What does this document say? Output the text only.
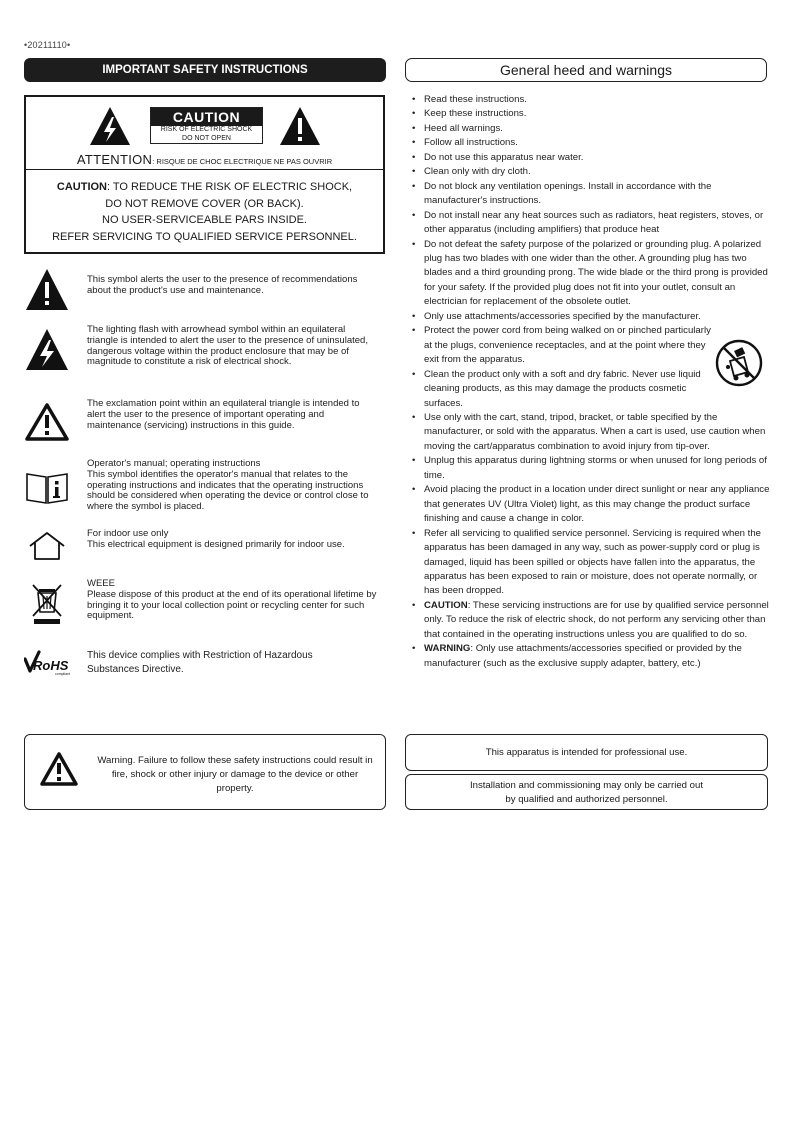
•20211110•
IMPORTANT SAFETY INSTRUCTIONS	General heed and warnings
CAUTION
RISK OF ELECTRIC SHOCK
DO NOT OPEN
ATTENTION: RISQUE DE CHOC ELECTRIQUE NE PAS OUVRIR
CAUTION: TO REDUCE THE RISK OF ELECTRIC SHOCK,
DO NOT REMOVE COVER (OR BACK).
NO USER-SERVICEABLE PARS INSIDE.
REFER SERVICING TO QUALIFIED SERVICE PERSONNEL.
This symbol alerts the user to the presence of recommendations about the product's use and maintenance.
The lighting flash with arrowhead symbol within an equilateral triangle is intended to alert the user to the presence of uninsulated, dangerous voltage within the product enclosure that may be of magnitude to constitute a risk of electrical shock.
The exclamation point within an equilateral triangle is intended to alert the user to the presence of important operating and maintenance (servicing) instructions in this guide.
Operator's manual; operating instructions
This symbol identifies the operator's manual that relates to the operating instructions and indicates that the operating instructions should be considered when operating the device or control close to where the symbol is placed.
For indoor use only
This electrical equipment is designed primarily for indoor use.
WEEE
Please dispose of this product at the end of its operational lifetime by bringing it to your local collection point or recycling center for such equipment.
RoHS
compliant
This device complies with Restriction of Hazardous Substances Directive.
• Read these instructions.
• Keep these instructions.
• Heed all warnings.
• Follow all instructions.
• Do not use this apparatus near water.
• Clean only with dry cloth.
• Do not block any ventilation openings. Install in accordance with the manufacturer's instructions.
• Do not install near any heat sources such as radiators, heat registers, stoves, or other apparatus (including amplifiers) that produce heat
• Do not defeat the safety purpose of the polarized or grounding plug. A polarized plug has two blades with one wider than the other. A grounding plug has two blades and a third grounding prong. The wide blade or the third prong is provided for your safety. If the provided plug does not fit into your outlet, consult an electrician for replacement of the obsolete outlet.
• Only use attachments/accessories specified by the manufacturer.
• Protect the power cord from being walked on or pinched particularly at the plugs, convenience receptacles, and at the point where they exit from the apparatus.
• Clean the product only with a soft and dry fabric. Never use liquid cleaning products, as this may damage the products cosmetic surfaces.
• Use only with the cart, stand, tripod, bracket, or table specified by the manufacturer, or sold with the apparatus. When a cart is used, use caution when moving the cart/apparatus combination to avoid injury from tip-over.
• Unplug this apparatus during lightning storms or when unused for long periods of time.
• Avoid placing the product in a location under direct sunlight or near any appliance that generates UV (Ultra Violet) light, as this may change the product surface finishing and cause a change in color.
• Refer all servicing to qualified service personnel. Servicing is required when the apparatus has been damaged in any way, such as power-supply cord or plug is damaged, liquid has been spilled or objects have fallen into the apparatus, the apparatus has been exposed to rain or moisture, does not operate normally, or has been dropped.
• CAUTION: These servicing instructions are for use by qualified service personnel only. To reduce the risk of electric shock, do not perform any servicing other than that contained in the operating instructions unless you are qualified to do so.
• WARNING: Only use attachments/accessories specified or provided by the manufacturer (such as the exclusive supply adapter, battery, etc.)
Warning. Failure to follow these safety instructions could result in fire, shock or other injury or damage to the device or other property.
This apparatus is intended for professional use.
Installation and commissioning may only be carried out
by qualified and authorized personnel.
